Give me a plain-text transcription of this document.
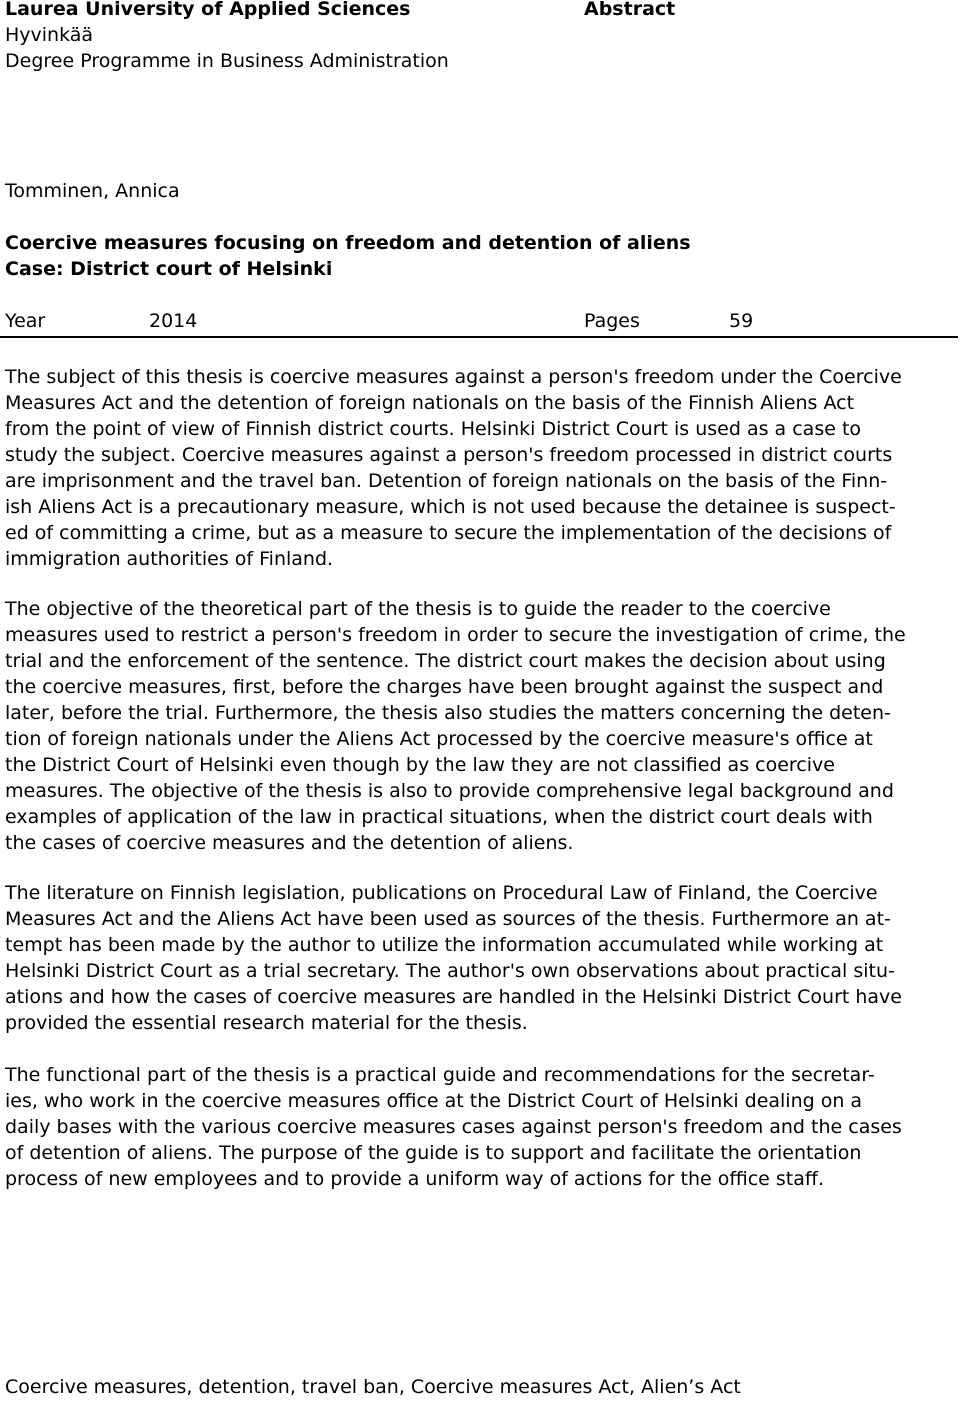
Laurea University of Applied Sciences	Abstract
Hyvinkää
Degree Programme in Business Administration
Tomminen, Annica
Coercive measures focusing on freedom and detention of aliens
Case: District court of Helsinki
Year	2014	Pages	59
The subject of this thesis is coercive measures against a person's freedom under the Coercive
Measures Act and the detention of foreign nationals on the basis of the Finnish Aliens Act
from the point of view of Finnish district courts. Helsinki District Court is used as a case to
study the subject. Coercive measures against a person's freedom processed in district courts
are imprisonment and the travel ban. Detention of foreign nationals on the basis of the Finn-
ish Aliens Act is a precautionary measure, which is not used because the detainee is suspect-
ed of committing a crime, but as a measure to secure the implementation of the decisions of
immigration authorities of Finland.
The objective of the theoretical part of the thesis is to guide the reader to the coercive
measures used to restrict a person's freedom in order to secure the investigation of crime, the
trial and the enforcement of the sentence. The district court makes the decision about using
the coercive measures, first, before the charges have been brought against the suspect and
later, before the trial. Furthermore, the thesis also studies the matters concerning the deten-
tion of foreign nationals under the Aliens Act processed by the coercive measure's office at
the District Court of Helsinki even though by the law they are not classified as coercive
measures. The objective of the thesis is also to provide comprehensive legal background and
examples of application of the law in practical situations, when the district court deals with
the cases of coercive measures and the detention of aliens.
The literature on Finnish legislation, publications on Procedural Law of Finland, the Coercive
Measures Act and the Aliens Act have been used as sources of the thesis. Furthermore an at-
tempt has been made by the author to utilize the information accumulated while working at
Helsinki District Court as a trial secretary. The author's own observations about practical situ-
ations and how the cases of coercive measures are handled in the Helsinki District Court have
provided the essential research material for the thesis.
The functional part of the thesis is a practical guide and recommendations for the secretar-
ies, who work in the coercive measures office at the District Court of Helsinki dealing on a
daily bases with the various coercive measures cases against person's freedom and the cases
of detention of aliens. The purpose of the guide is to support and facilitate the orientation
process of new employees and to provide a uniform way of actions for the office staff.
Coercive measures, detention, travel ban, Coercive measures Act, Alien’s Act
